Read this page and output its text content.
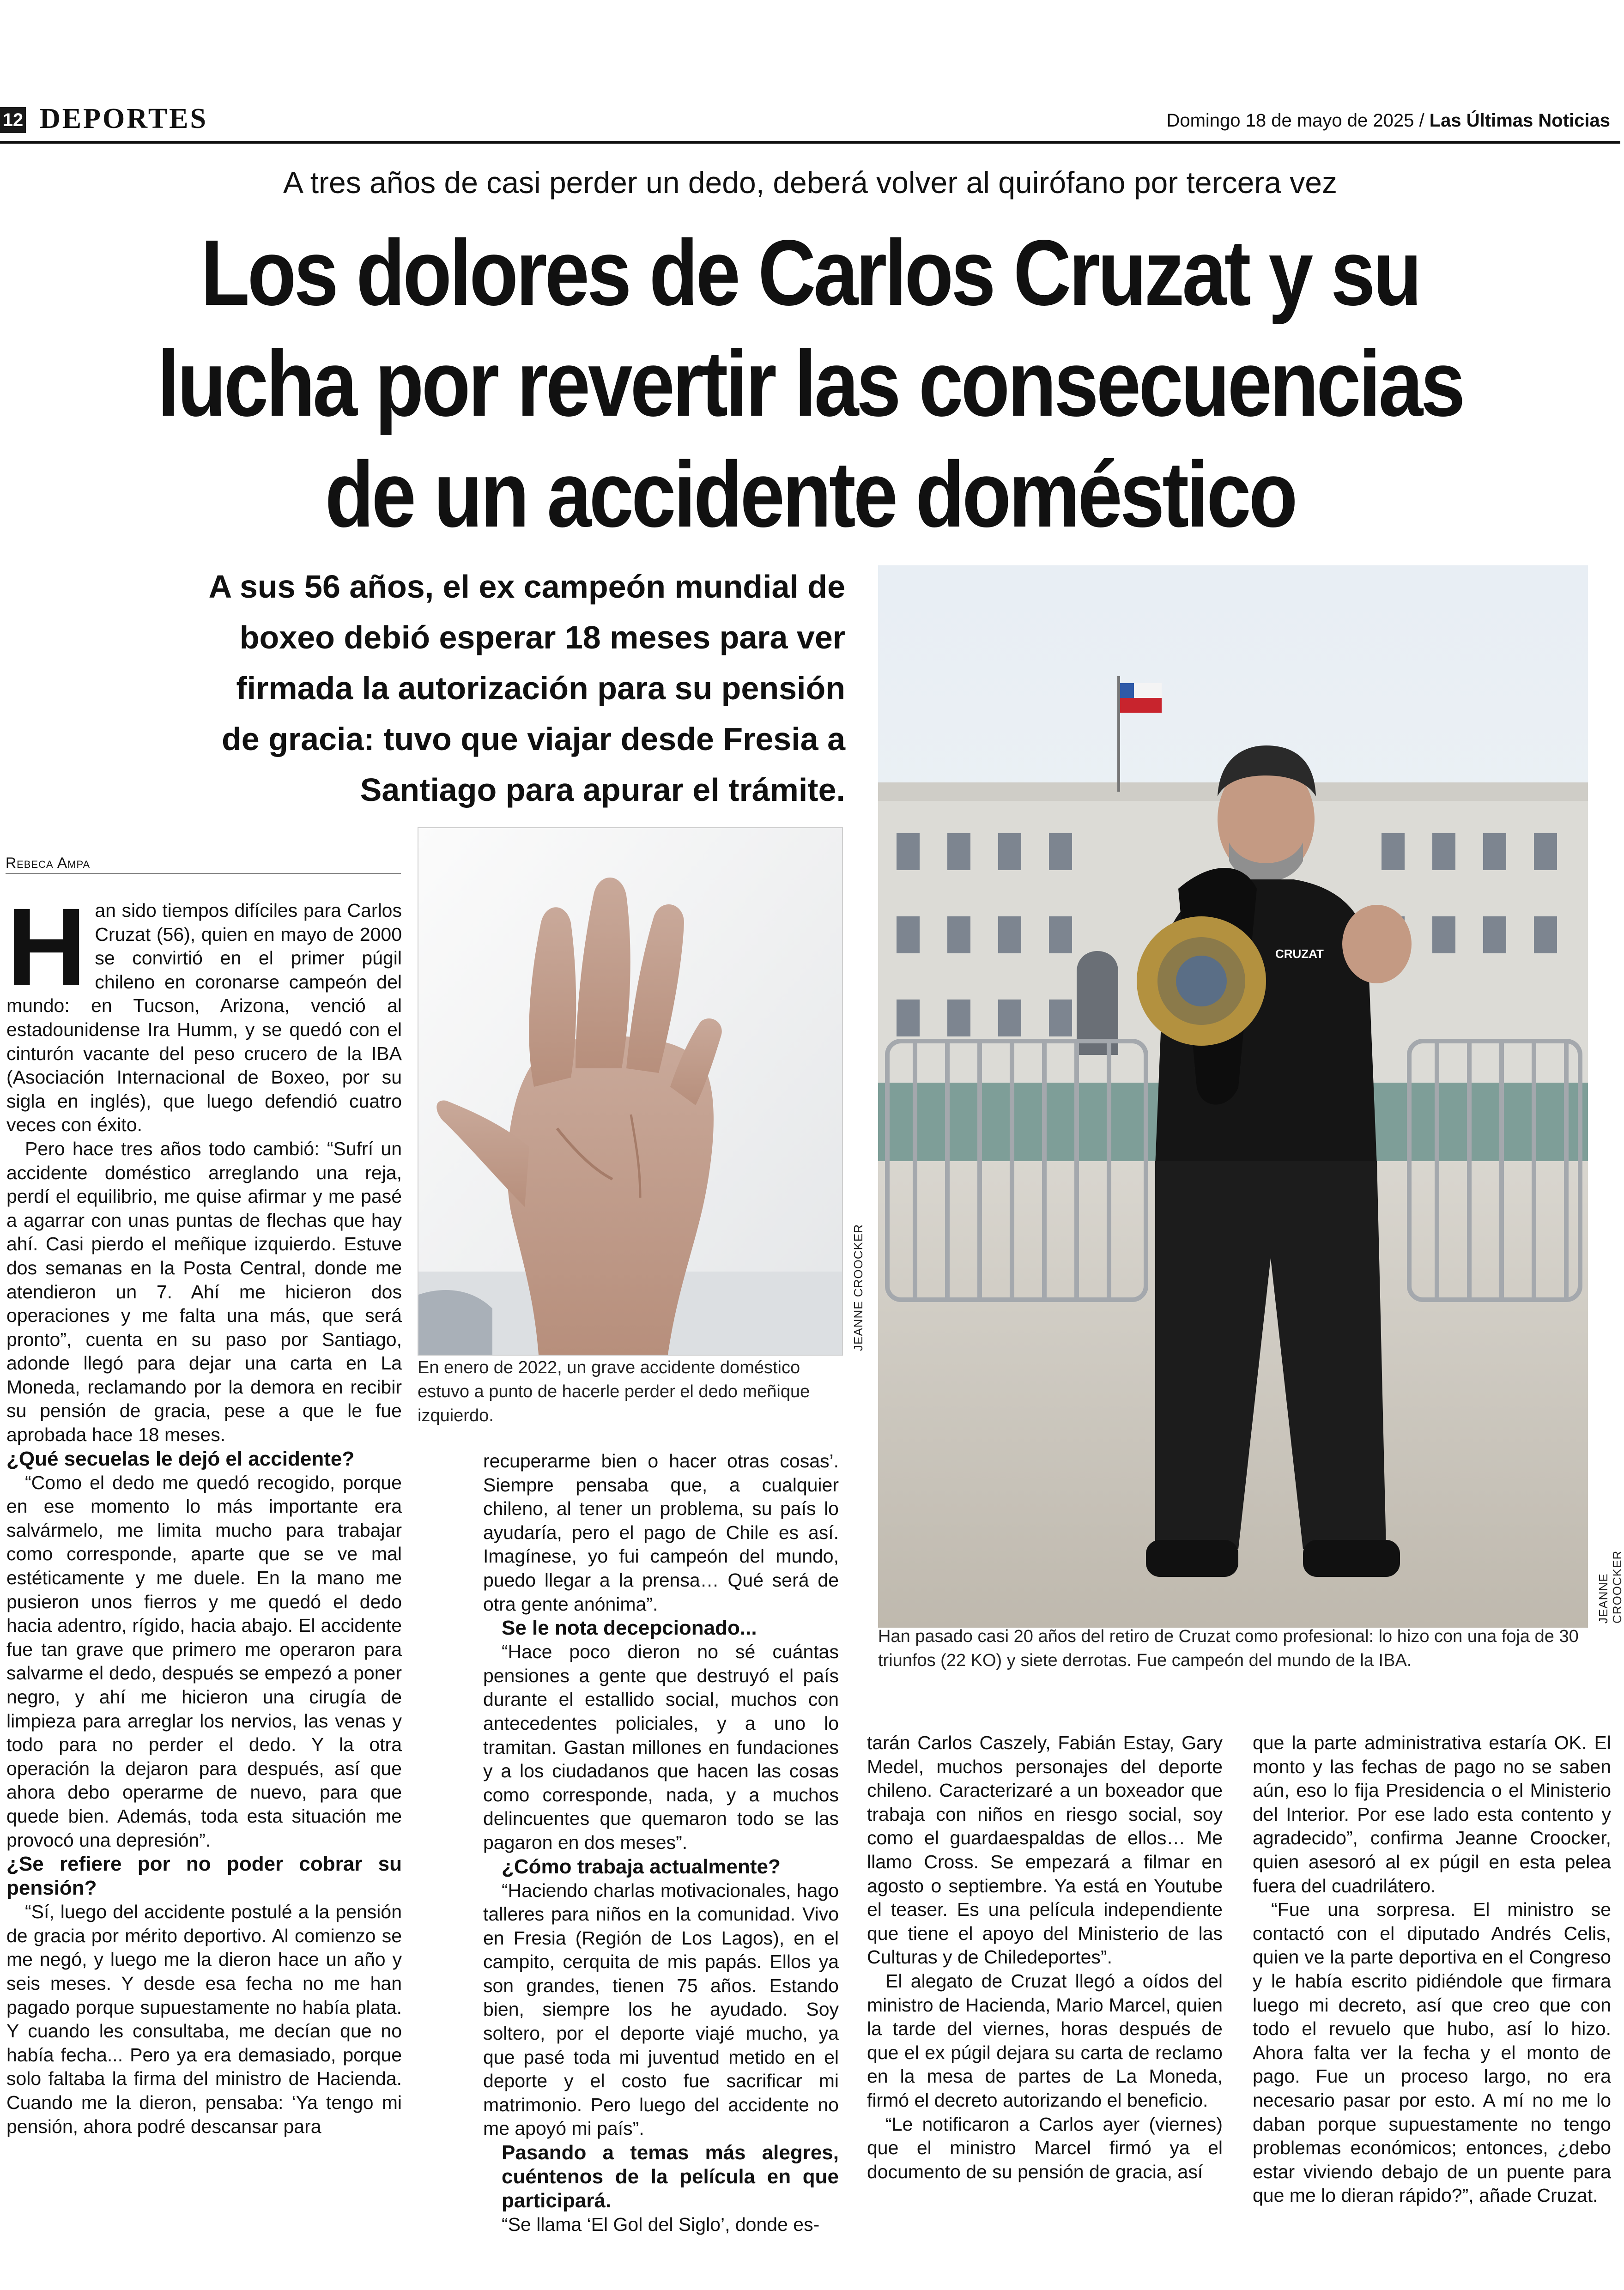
12 DEPORTES	Domingo 18 de mayo de 2025 / Las Últimas Noticias
A tres años de casi perder un dedo, deberá volver al quirófano por tercera vez
Los dolores de Carlos Cruzat y su
lucha por revertir las consecuencias
de un accidente doméstico
A sus 56 años, el ex campeón mundial de
boxeo debió esperar 18 meses para ver
firmada la autorización para su pensión
de gracia: tuvo que viajar desde Fresia a
Santiago para apurar el trámite.
JEANNE CROOCKER
En enero de 2022, un grave accidente doméstico estuvo a punto de hacerle perder el dedo meñique izquierdo.
CRUZAT
JEANNE CROOCKER
Han pasado casi 20 años del retiro de Cruzat como profesional: lo hizo con una foja de 30 triunfos (22 KO) y siete derrotas. Fue campeón del mundo de la IBA.
Rebeca Ampa

Han sido tiempos difíciles para Carlos Cruzat (56), quien en mayo de 2000 se convirtió en el primer púgil chileno en coronarse campeón del mundo: en Tucson, Arizona, venció al estadounidense Ira Humm, y se quedó con el cinturón vacante del peso crucero de la IBA (Asociación Internacional de Boxeo, por su sigla en inglés), que luego defendió cuatro veces con éxito.

Pero hace tres años todo cambió: “Sufrí un accidente doméstico arreglando una reja, perdí el equilibrio, me quise afirmar y me pasé a agarrar con unas puntas de flechas que hay ahí. Casi pierdo el meñique izquierdo. Estuve dos semanas en la Posta Central, donde me atendieron un 7. Ahí me hicieron dos operaciones y me falta una más, que será pronto”, cuenta en su paso por Santiago, adonde llegó para dejar una carta en La Moneda, reclamando por la demora en recibir su pensión de gracia, pese a que le fue aprobada hace 18 meses.

¿Qué secuelas le dejó el accidente?

“Como el dedo me quedó recogido, porque en ese momento lo más importante era salvármelo, me limita mucho para trabajar como corresponde, aparte que se ve mal estéticamente y me duele. En la mano me pusieron unos fierros y me quedó el dedo hacia adentro, rígido, hacia abajo. El accidente fue tan grave que primero me operaron para salvarme el dedo, después se empezó a poner negro, y ahí me hicieron una cirugía de limpieza para arreglar los nervios, las venas y todo para no perder el dedo. Y la otra operación la dejaron para después, así que ahora debo operarme de nuevo, para que quede bien. Además, toda esta situación me provocó una depresión”.

¿Se refiere por no poder cobrar su pensión?

“Sí, luego del accidente postulé a la pensión de gracia por mérito deportivo. Al comienzo se me negó, y luego me la dieron hace un año y seis meses. Y desde esa fecha no me han pagado porque supuestamente no había plata. Y cuando les consultaba, me decían que no había fecha... Pero ya era demasiado, porque solo faltaba la firma del ministro de Hacienda. Cuando me la dieron, pensaba: ‘Ya tengo mi pensión, ahora podré descansar para

recuperarme bien o hacer otras cosas’. Siempre pensaba que, a cualquier chileno, al tener un problema, su país lo ayudaría, pero el pago de Chile es así. Imagínese, yo fui campeón del mundo, puedo llegar a la prensa… Qué será de otra gente anónima”.

Se le nota decepcionado...

“Hace poco dieron no sé cuántas pensiones a gente que destruyó el país durante el estallido social, muchos con antecedentes policiales, y a uno lo tramitan. Gastan millones en fundaciones y a los ciudadanos que hacen las cosas como corresponde, nada, y a muchos delincuentes que quemaron todo se las pagaron en dos meses”.

¿Cómo trabaja actualmente?

“Haciendo charlas motivacionales, hago talleres para niños en la comunidad. Vivo en Fresia (Región de Los Lagos), en el campito, cerquita de mis papás. Ellos ya son grandes, tienen 75 años. Estando bien, siempre los he ayudado. Soy soltero, por el deporte viajé mucho, ya que pasé toda mi juventud metido en el deporte y el costo fue sacrificar mi matrimonio. Pero luego del accidente no me apoyó mi país”.

Pasando a temas más alegres, cuéntenos de la película en que participará.

“Se llama ‘El Gol del Siglo’, donde es-

tarán Carlos Caszely, Fabián Estay, Gary Medel, muchos personajes del deporte chileno. Caracterizaré a un boxeador que trabaja con niños en riesgo social, soy como el guardaespaldas de ellos… Me llamo Cross. Se empezará a filmar en agosto o septiembre. Ya está en Youtube el teaser. Es una película independiente que tiene el apoyo del Ministerio de las Culturas y de Chiledeportes”.

El alegato de Cruzat llegó a oídos del ministro de Hacienda, Mario Marcel, quien la tarde del viernes, horas después de que el ex púgil dejara su carta de reclamo en la mesa de partes de La Moneda, firmó el decreto autorizando el beneficio.

“Le notificaron a Carlos ayer (viernes) que el ministro Marcel firmó ya el documento de su pensión de gracia, así

que la parte administrativa estaría OK. El monto y las fechas de pago no se saben aún, eso lo fija Presidencia o el Ministerio del Interior. Por ese lado esta contento y agradecido”, confirma Jeanne Croocker, quien asesoró al ex púgil en esta pelea fuera del cuadrilátero.

“Fue una sorpresa. El ministro se contactó con el diputado Andrés Celis, quien ve la parte deportiva en el Congreso y le había escrito pidiéndole que firmara luego mi decreto, así que creo que con todo el revuelo que hubo, así lo hizo. Ahora falta ver la fecha y el monto de pago. Fue un proceso largo, no era necesario pasar por esto. A mí no me lo daban porque supuestamente no tengo problemas económicos; entonces, ¿debo estar viviendo debajo de un puente para que me lo dieran rápido?”, añade Cruzat.
